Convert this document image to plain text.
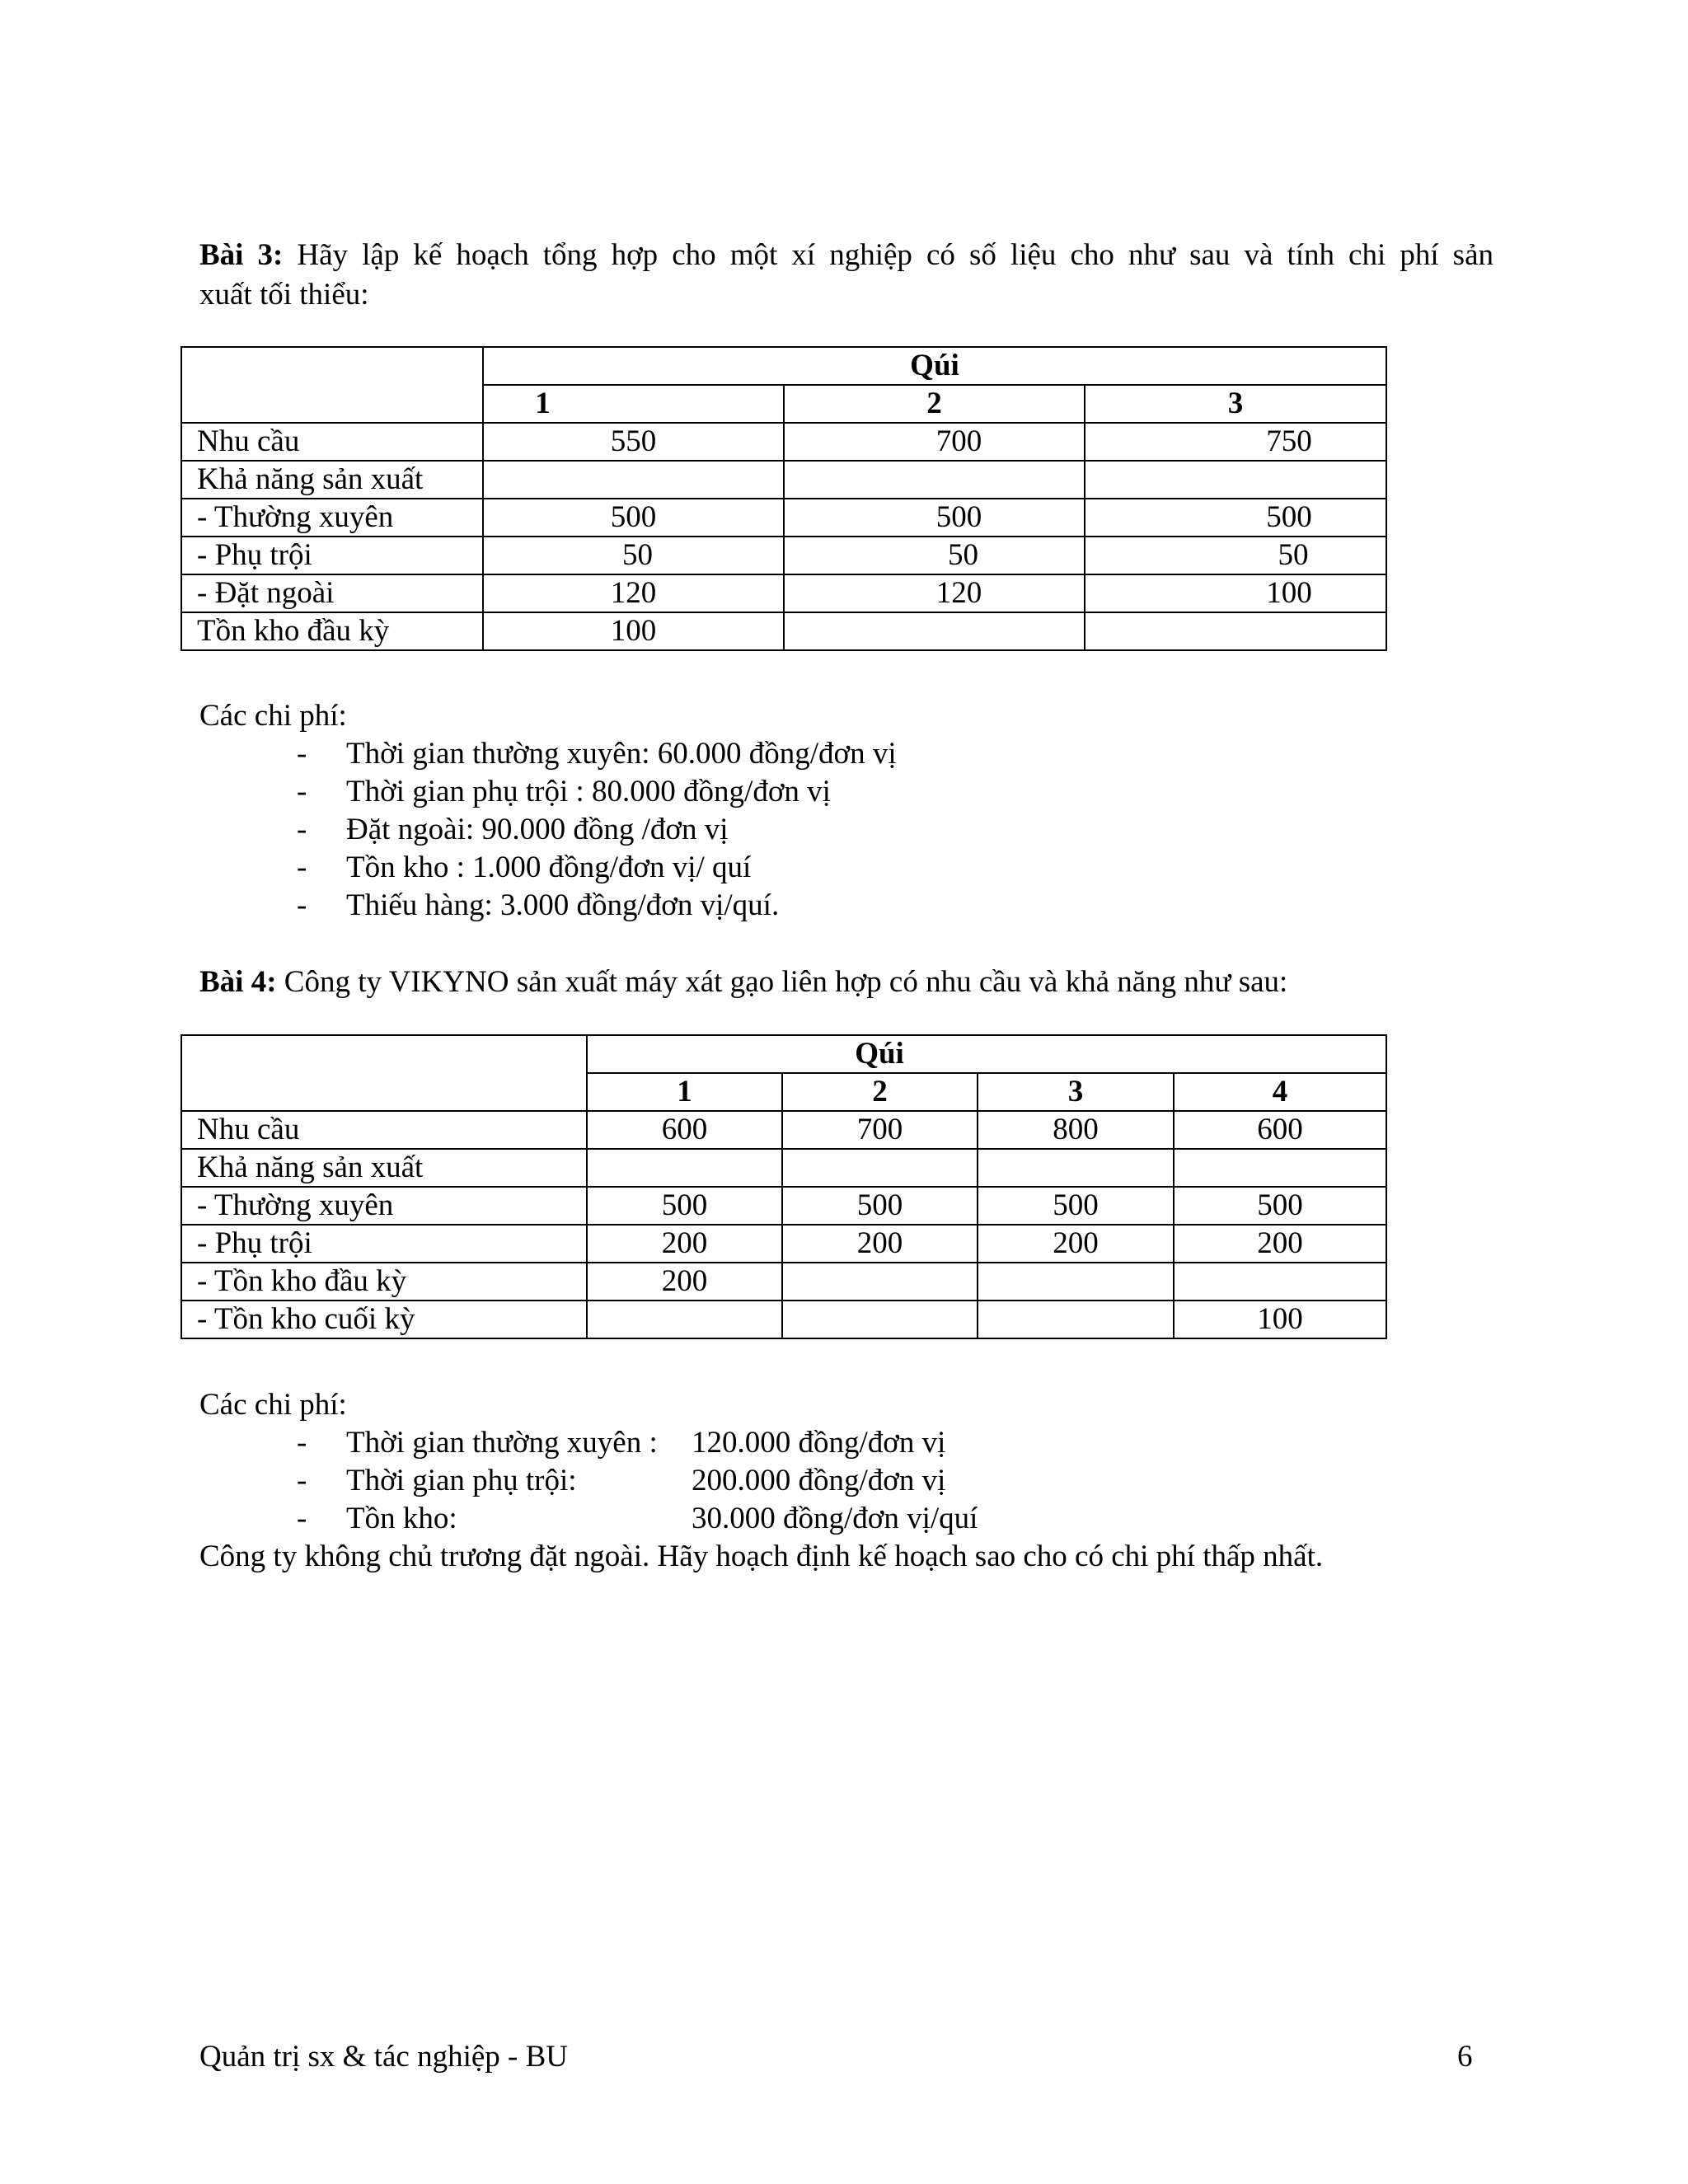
Bài 3: Hãy lập kế hoạch tổng hợp cho một xí nghiệp có số liệu cho như sau và tính chi phí sản
xuất tối thiểu:
	Qúi		
	1	2	3
Nhu cầu	550	700	750
Khả năng sản xuất			
- Thường xuyên	500	500	500
- Phụ trội	50	50	50
- Đặt ngoài	120	120	100
Tồn kho đầu kỳ	100		
Các chi phí:
- Thời gian thường xuyên: 60.000 đồng/đơn vị
- Thời gian phụ trội : 80.000 đồng/đơn vị
- Đặt ngoài: 90.000 đồng /đơn vị
- Tồn kho : 1.000 đồng/đơn vị/ quí
- Thiếu hàng: 3.000 đồng/đơn vị/quí.
Bài 4: Công ty VIKYNO sản xuất máy xát gạo liên hợp có nhu cầu và khả năng như sau:
	Qúi			
	1	2	3	4
Nhu cầu	600	700	800	600
Khả năng sản xuất				
- Thường xuyên	500	500	500	500
- Phụ trội	200	200	200	200
- Tồn kho đầu kỳ	200			
- Tồn kho cuối kỳ				100
Các chi phí:
- Thời gian thường xuyên : 120.000 đồng/đơn vị
- Thời gian phụ trội:	200.000 đồng/đơn vị
- Tồn kho:	30.000 đồng/đơn vị/quí
Công ty không chủ trương đặt ngoài. Hãy hoạch định kế hoạch sao cho có chi phí thấp nhất.
Quản trị sx & tác nghiệp - BU	6
